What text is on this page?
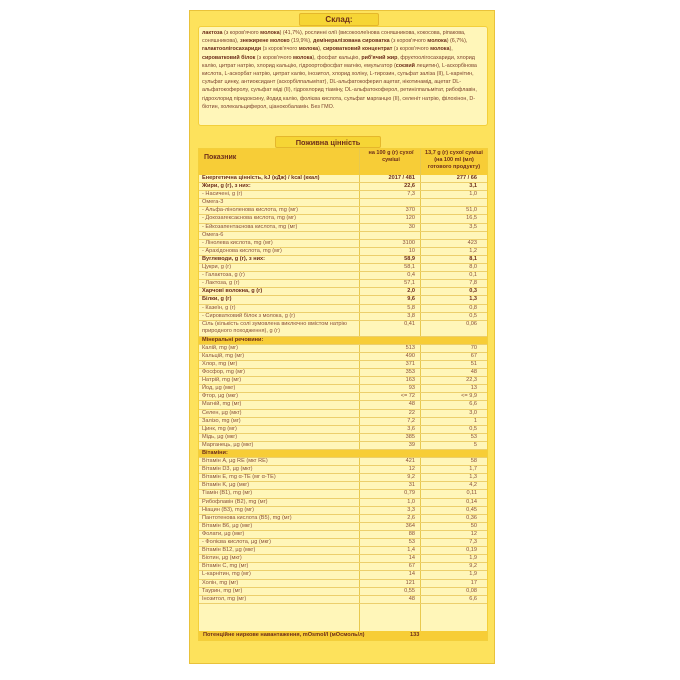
Склад:

лактоза (з коров'ячого молока) (41,7%), рослинні олії (високоолеїнова соняшникова, кокосова, ріпакова, соняшникова), знежирене молоко (19,9%), демінералізована сироватка (з коров'ячого молока) (6,7%), галактоолігосахариди (з коров'ячого молока), сироватковий концентрат (з коров'ячого молока), сироватковий білок (з коров'ячого молока), фосфат кальцію, риб'ячий жир, фруктоолігосахариди, хлорид калію, цитрат натрію, хлорид кальцію, гідроортофосфат магнію, емульгатор (соєвий лецитин), L-аскорбінова кислота, L-аскорбат натрію, цитрат калію, інозитол, хлорид холіну, L-тирозин, сульфат заліза (II), L-карнітин, сульфат цинку, антиоксидант (аскорбілпальмітат), DL-альфатокоферил ацетат, нікотинамід, ацетат DL-альфатокоферолу, сульфат міді (II), гідрохлорид тіаміну, DL-альфатокоферол, ретинілпальмітат, рибофлавін, гідрохлорид піридоксину, йодид калію, фолієва кислота, сульфат марганцю (II), селеніт натрію, філохінон, D-біотин, холекальциферол, ціанокобаламін. Без ГМО.

Поживна цінність
Показник
на 100 g (г) сухої суміші
13,7 g (г) сухої суміші (на 100 ml (мл) готового продукту)
Енергетична цінність, kJ (кДж) / kcal (ккал)	2017 / 481	277 / 66
Жири, g (г), з них:	22,6	3,1
- Насичені, g (г)	7,3	1,0
Омега-3
- Альфа-ліноленова кислота, mg (мг)	370	51,0
- Докозагексаєнова кислота, mg (мг)	120	16,5
- Ейкозапентаєнова кислота, mg (мг)	30	3,5
Омега-6
- Лінолева кислота, mg (мг)	3100	423
- Арахідонова кислота, mg (мг)	10	1,2
Вуглеводи, g (г), з них:	58,9	8,1
Цукри, g (г)	58,1	8,0
- Галактоза, g (г)	0,4	0,1
- Лактоза, g (г)	57,1	7,8
Харчові волокна, g (г)	2,0	0,3
Білки, g (г)	9,6	1,3
- Казеїн, g (г)	5,8	0,8
- Сироватковий білок з молока, g (г)	3,8	0,5
Сіль (кількість солі зумовлена виключно вмістом натрію природного походження), g (г)
0,41	0,06
Мінеральні речовини:
Калій, mg (мг)	513	70
Кальцій, mg (мг)	490	67
Хлор, mg (мг)	371	51
Фосфор, mg (мг)	353	48
Натрій, mg (мг)	163	22,3
Йод, µg (мкг)	93	13
Фтор, µg (мкг)	<= 72	<= 9,9
Магній, mg (мг)	48	6,6
Селен, µg (мкг)	22	3,0
Залізо, mg (мг)	7,2	1
Цинк, mg (мг)	3,6	0,5
Мідь, µg (мкг)	385	53
Марганець, µg (мкг)	39	5
Вітаміни:
Вітамін A, µg RE (мкг RE)	421	58
Вітамін D3, µg (мкг)	12	1,7
Вітамін E, mg α-TE (мг α-TE)	9,2	1,3
Вітамін K, µg (мкг)	31	4,2
Тіамін (B1), mg (мг)	0,79	0,11
Рибофлавін (B2), mg (мг)	1,0	0,14
Ніацин (B3), mg (мг)	3,3	0,45
Пантотенова кислота (B5), mg (мг)	2,6	0,36
Вітамін B6, µg (мкг)	364	50
Фолати, µg (мкг)	88	12
- Фолієва кислота, µg (мкг)	53	7,3
Вітамін B12, µg (мкг)	1,4	0,19
Біотин, µg (мкг)	14	1,9
Вітамін C, mg (мг)	67	9,2
L-карнітин, mg (мг)	14	1,9
Холін, mg (мг)	121	17
Таурин, mg (мг)	0,55	0,08
Інозитол, mg (мг)	48	6,6
Потенційне ниркове навантаження, mOsmol/l (мОсмоль/л)	133
